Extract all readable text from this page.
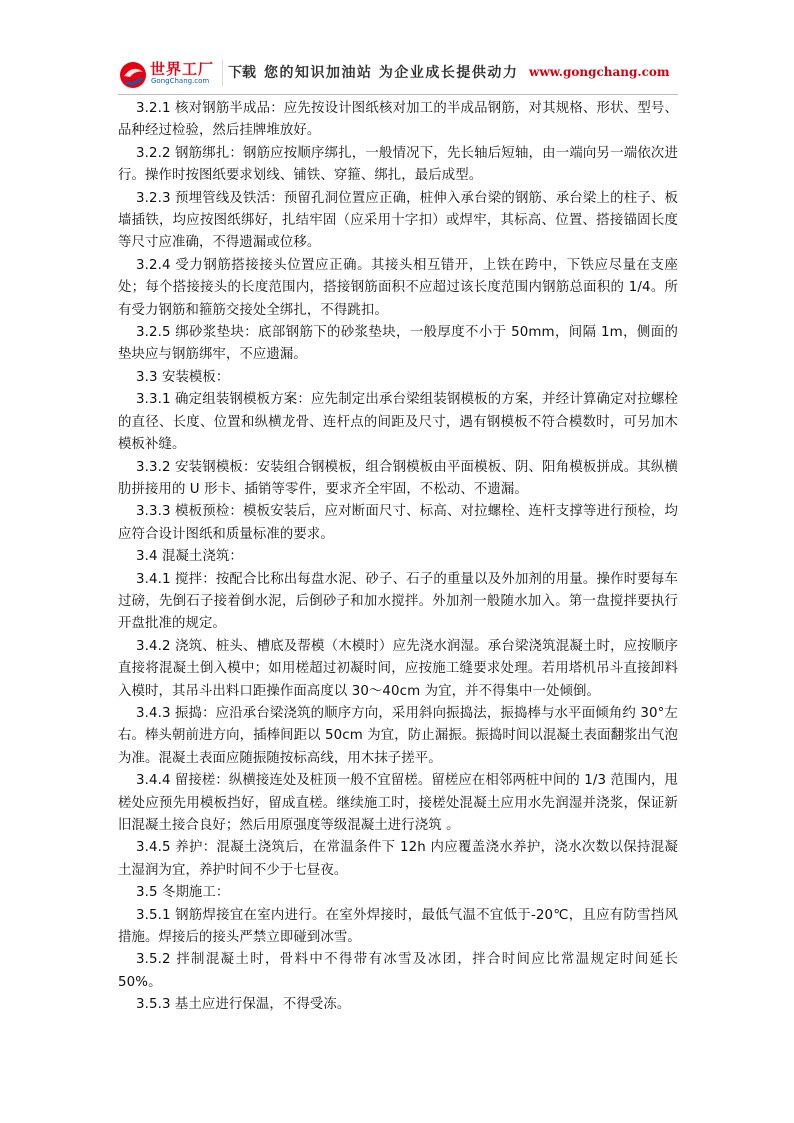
世界工厂
GongChang.com 下载 您的知识加油站 为企业成长提供动力 www.gongchang.com

3.2.1 核对钢筋半成品：应先按设计图纸核对加工的半成品钢筋，对其规格、形状、型号、品种经过检验，然后挂牌堆放好。

3.2.2 钢筋绑扎：钢筋应按顺序绑扎，一般情况下，先长轴后短轴，由一端向另一端依次进行。操作时按图纸要求划线、铺铁、穿箍、绑扎，最后成型。

3.2.3 预埋管线及铁活：预留孔洞位置应正确，桩伸入承台梁的钢筋、承台梁上的柱子、板墙插铁，均应按图纸绑好，扎结牢固（应采用十字扣）或焊牢，其标高、位置、搭接锚固长度等尺寸应准确，不得遗漏或位移。

3.2.4 受力钢筋搭接接头位置应正确。其接头相互错开，上铁在跨中，下铁应尽量在支座处；每个搭接接头的长度范围内，搭接钢筋面积不应超过该长度范围内钢筋总面积的 1/4。所有受力钢筋和箍筋交接处全绑扎，不得跳扣。

3.2.5 绑砂浆垫块：底部钢筋下的砂浆垫块，一般厚度不小于 50mm，间隔 1m，侧面的垫块应与钢筋绑牢，不应遗漏。

3.3 安装模板：

3.3.1 确定组装钢模板方案：应先制定出承台梁组装钢模板的方案，并经计算确定对拉螺栓的直径、长度、位置和纵横龙骨、连杆点的间距及尺寸，遇有钢模板不符合模数时，可另加木模板补缝。

3.3.2 安装钢模板：安装组合钢模板，组合钢模板由平面模板、阴、阳角模板拼成。其纵横肋拼接用的 U 形卡、插销等零件，要求齐全牢固，不松动、不遗漏。

3.3.3 模板预检：模板安装后，应对断面尺寸、标高、对拉螺栓、连杆支撑等进行预检，均应符合设计图纸和质量标准的要求。

3.4 混凝土浇筑：

3.4.1 搅拌：按配合比称出每盘水泥、砂子、石子的重量以及外加剂的用量。操作时要每车过磅，先倒石子接着倒水泥，后倒砂子和加水搅拌。外加剂一般随水加入。第一盘搅拌要执行开盘批准的规定。

3.4.2 浇筑、桩头、槽底及帮模（木模时）应先浇水润湿。承台梁浇筑混凝土时，应按顺序直接将混凝土倒入模中；如用槎超过初凝时间，应按施工缝要求处理。若用塔机吊斗直接卸料入模时，其吊斗出料口距操作面高度以 30～40cm 为宜，并不得集中一处倾倒。

3.4.3 振捣：应沿承台梁浇筑的顺序方向，采用斜向振捣法，振捣棒与水平面倾角约 30°左右。棒头朝前进方向，插棒间距以 50cm 为宜，防止漏振。振捣时间以混凝土表面翻浆出气泡为准。混凝土表面应随振随按标高线，用木抹子搓平。

3.4.4 留接槎：纵横接连处及桩顶一般不宜留槎。留槎应在相邻两桩中间的 1/3 范围内，甩槎处应预先用模板挡好，留成直槎。继续施工时，接槎处混凝土应用水先润湿并浇浆，保证新旧混凝土接合良好；然后用原强度等级混凝土进行浇筑 。

3.4.5 养护：混凝土浇筑后，在常温条件下 12h 内应覆盖浇水养护，浇水次数以保持混凝土湿润为宜，养护时间不少于七昼夜。

3.5 冬期施工：

3.5.1 钢筋焊接宜在室内进行。在室外焊接时，最低气温不宜低于-20℃，且应有防雪挡风措施。焊接后的接头严禁立即碰到冰雪。

3.5.2 拌制混凝土时，骨料中不得带有冰雪及冰团，拌合时间应比常温规定时间延长 50%。

3.5.3 基土应进行保温，不得受冻。
